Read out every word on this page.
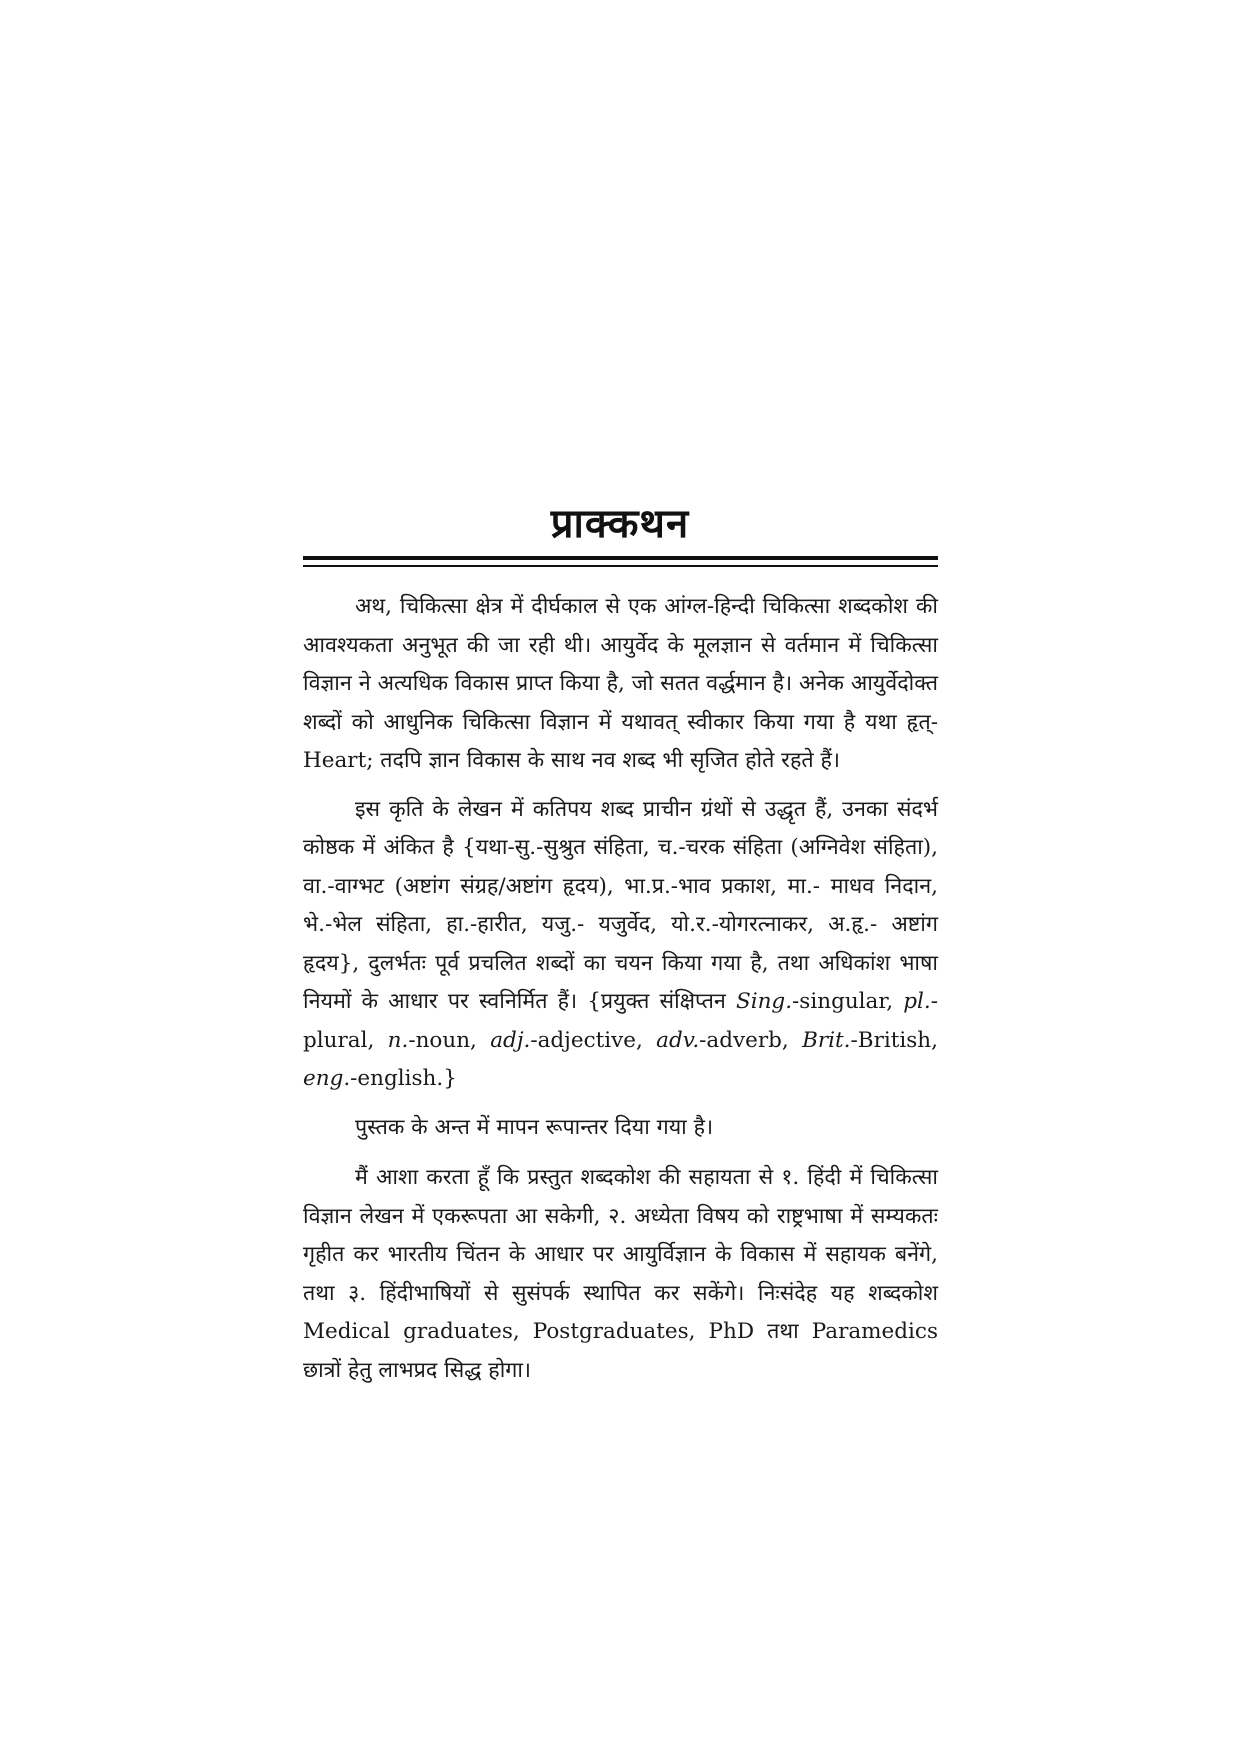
प्राक्कथन

अथ, चिकित्सा क्षेत्र में दीर्घकाल से एक आंग्ल-हिन्दी चिकित्सा शब्दकोश की आवश्यकता अनुभूत की जा रही थी। आयुर्वेद के मूलज्ञान से वर्तमान में चिकित्सा विज्ञान ने अत्यधिक विकास प्राप्त किया है, जो सतत वर्द्धमान है। अनेक आयुर्वेदोक्त शब्दों को आधुनिक चिकित्सा विज्ञान में यथावत् स्वीकार किया गया है यथा हृत्- Heart; तदपि ज्ञान विकास के साथ नव शब्द भी सृजित होते रहते हैं।

इस कृति के लेखन में कतिपय शब्द प्राचीन ग्रंथों से उद्धृत हैं, उनका संदर्भ कोष्ठक में अंकित है {यथा-सु.-सुश्रुत संहिता, च.-चरक संहिता (अग्निवेश संहिता), वा.-वाग्भट (अष्टांग संग्रह/अष्टांग हृदय), भा.प्र.-भाव प्रकाश, मा.- माधव निदान, भे.-भेल संहिता, हा.-हारीत, यजु.- यजुर्वेद, यो.र.-योगरत्नाकर, अ.हृ.- अष्टांग हृदय}, दुलर्भतः पूर्व प्रचलित शब्दों का चयन किया गया है, तथा अधिकांश भाषा नियमों के आधार पर स्वनिर्मित हैं। {प्रयुक्त संक्षिप्तन Sing.-singular, pl.-plural, n.-noun, adj.-adjective, adv.-adverb, Brit.-British, eng.-english.}

पुस्तक के अन्त में मापन रूपान्तर दिया गया है।

मैं आशा करता हूँ कि प्रस्तुत शब्दकोश की सहायता से १. हिंदी में चिकित्सा विज्ञान लेखन में एकरूपता आ सकेगी, २. अध्येता विषय को राष्ट्रभाषा में सम्यकतः गृहीत कर भारतीय चिंतन के आधार पर आयुर्विज्ञान के विकास में सहायक बनेंगे, तथा ३. हिंदीभाषियों से सुसंपर्क स्थापित कर सकेंगे। निःसंदेह यह शब्दकोश Medical graduates, Postgraduates, PhD तथा Paramedics छात्रों हेतु लाभप्रद सिद्ध होगा।
